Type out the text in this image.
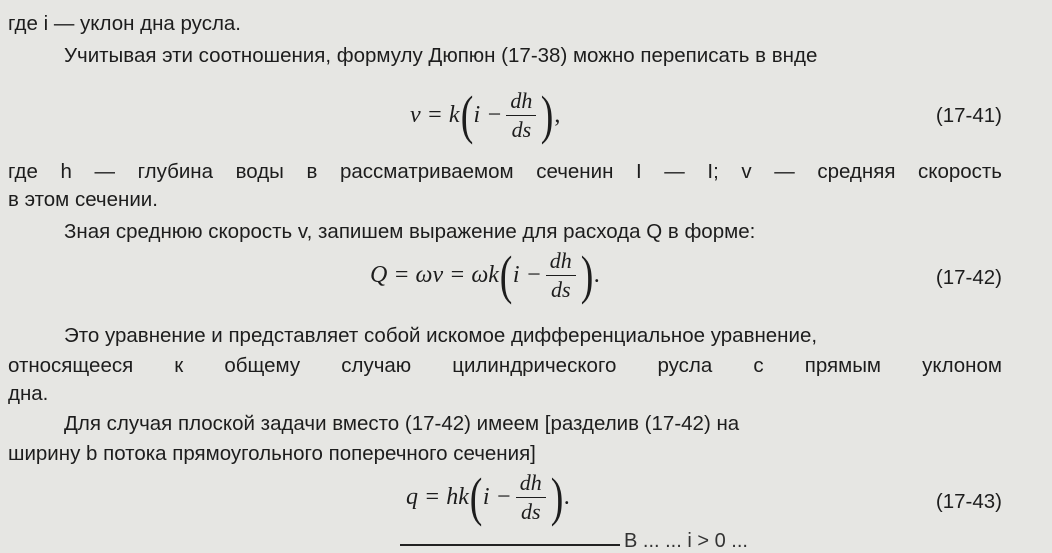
где i — уклон дна русла.
Учитывая эти соотношения, формулу Дюпюн (17-38) можно переписать в внде
v = k ( $i - \frac{dh}{ds}$ ) ,	(17-41)
где h — глубина воды в рассматриваемом сеченин I — I; v — средняя скорость
в этом сечении.
Зная среднюю скорость v, запишем выражение для расхода Q в форме:
Q = ωv = ωk ( $i - \frac{dh}{ds}$ ) .	(17-42)
Это уравнение и представляет собой искомое дифференциальное уравнение,
относящееся к общему случаю цилиндрического русла с прямым уклоном
дна.
Для случая плоской задачи вместо (17-42) имеем [разделив (17-42) на
ширину b потока прямоугольного поперечного сечения]
q = hk ( $i - \frac{dh}{ds}$ ) .	(17-43)
В ... ... i > 0 ...
